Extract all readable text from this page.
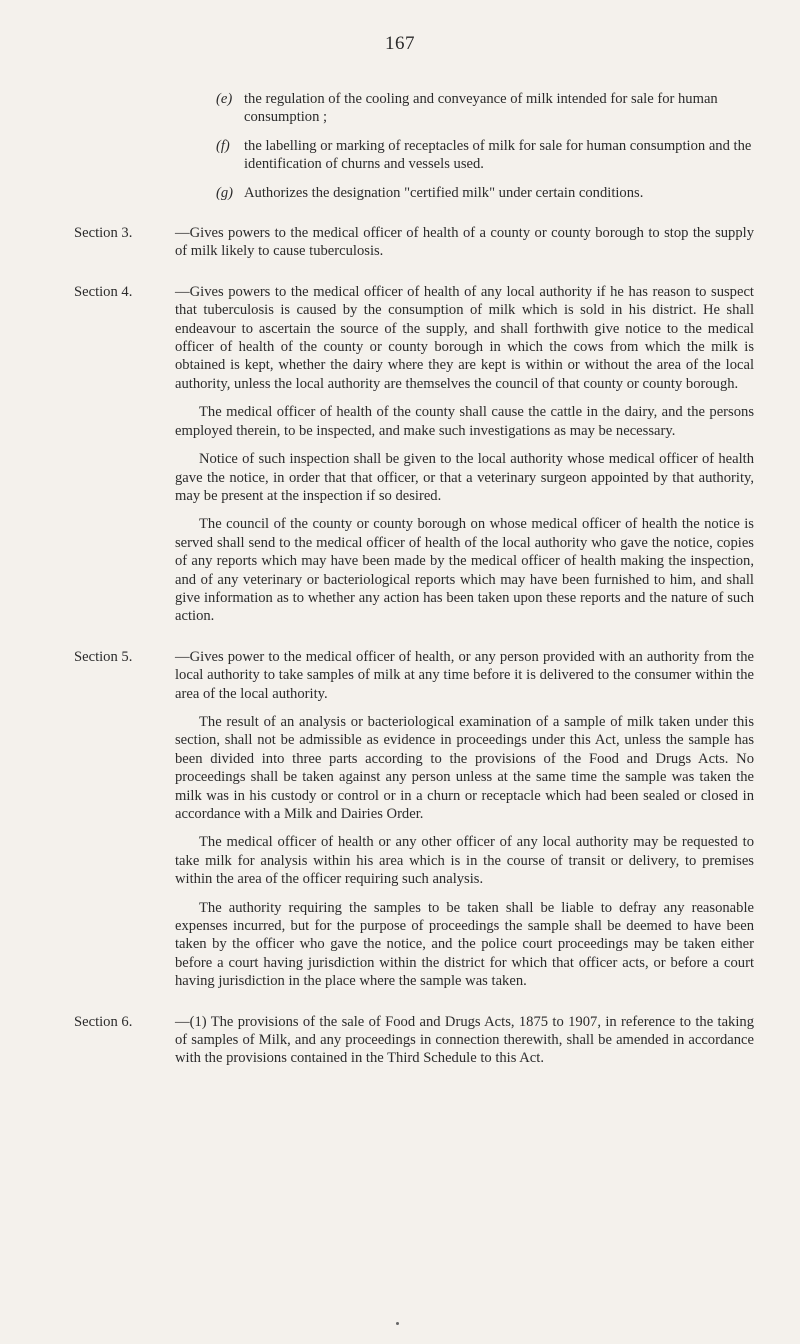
167
(e) the regulation of the cooling and conveyance of milk intended for sale for human consumption ;
(f) the labelling or marking of receptacles of milk for sale for human consumption and the identification of churns and vessels used.
(g) Authorizes the designation "certified milk" under certain conditions.
Section 3.	—Gives powers to the medical officer of health of a county or county borough to stop the supply of milk likely to cause tuberculosis.

Section 4.	—Gives powers to the medical officer of health of any local authority if he has reason to suspect that tuberculosis is caused by the consumption of milk which is sold in his district. He shall endeavour to ascertain the source of the supply, and shall forthwith give notice to the medical officer of health of the county or county borough in which the cows from which the milk is obtained is kept, whether the dairy where they are kept is within or without the area of the local authority, unless the local authority are themselves the council of that county or county borough.

The medical officer of health of the county shall cause the cattle in the dairy, and the persons employed therein, to be inspected, and make such investigations as may be necessary.

Notice of such inspection shall be given to the local authority whose medical officer of health gave the notice, in order that that officer, or that a veterinary surgeon appointed by that authority, may be present at the inspection if so desired.

The council of the county or county borough on whose medical officer of health the notice is served shall send to the medical officer of health of the local authority who gave the notice, copies of any reports which may have been made by the medical officer of health making the inspection, and of any veterinary or bacteriological reports which may have been furnished to him, and shall give information as to whether any action has been taken upon these reports and the nature of such action.

Section 5.	—Gives power to the medical officer of health, or any person provided with an authority from the local authority to take samples of milk at any time before it is delivered to the consumer within the area of the local authority.

The result of an analysis or bacteriological examination of a sample of milk taken under this section, shall not be admissible as evidence in proceedings under this Act, unless the sample has been divided into three parts according to the provisions of the Food and Drugs Acts. No proceedings shall be taken against any person unless at the same time the sample was taken the milk was in his custody or control or in a churn or receptacle which had been sealed or closed in accordance with a Milk and Dairies Order.

The medical officer of health or any other officer of any local authority may be requested to take milk for analysis within his area which is in the course of transit or delivery, to premises within the area of the officer requiring such analysis.

The authority requiring the samples to be taken shall be liable to defray any reasonable expenses incurred, but for the purpose of proceedings the sample shall be deemed to have been taken by the officer who gave the notice, and the police court proceedings may be taken either before a court having jurisdiction within the district for which that officer acts, or before a court having jurisdiction in the place where the sample was taken.

Section 6.	—(1) The provisions of the sale of Food and Drugs Acts, 1875 to 1907, in reference to the taking of samples of Milk, and any proceedings in connection therewith, shall be amended in accordance with the provisions contained in the Third Schedule to this Act.
